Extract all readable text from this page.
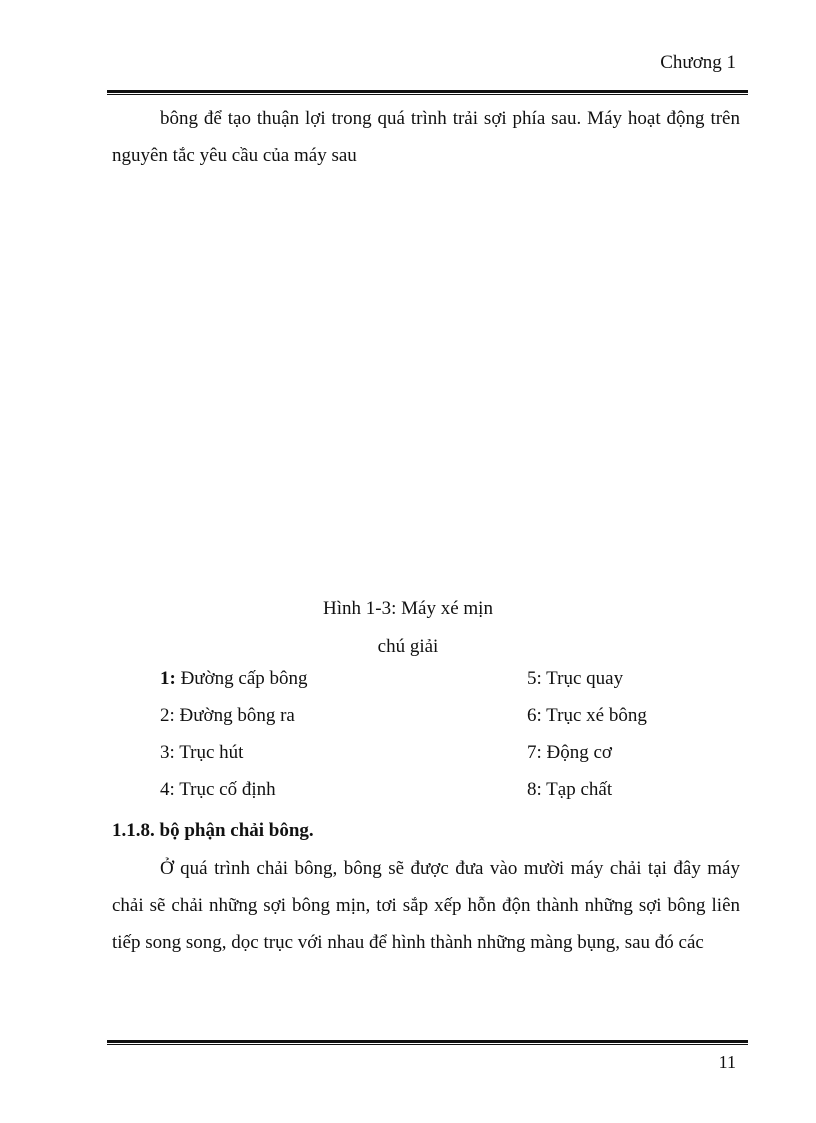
Chương 1
bông để tạo thuận lợi trong quá trình trải sợi phía sau. Máy hoạt động trên
nguyên tắc yêu cầu của máy sau
Hình 1-3: Máy xé mịn
chú giải
1: Đường cấp bông	5: Trục quay
2: Đường bông ra	6: Trục xé bông
3: Trục hút	7: Động cơ
4: Trục cố định	8: Tạp chất
1.1.8. bộ phận chải bông.
Ở quá trình chải bông, bông sẽ được đưa vào mười máy chải tại đây máy
chải sẽ chải những sợi bông mịn, tơi sắp xếp hỗn độn thành những sợi bông liên
tiếp song song, dọc trục với nhau để hình thành những màng bụng, sau đó các
11
